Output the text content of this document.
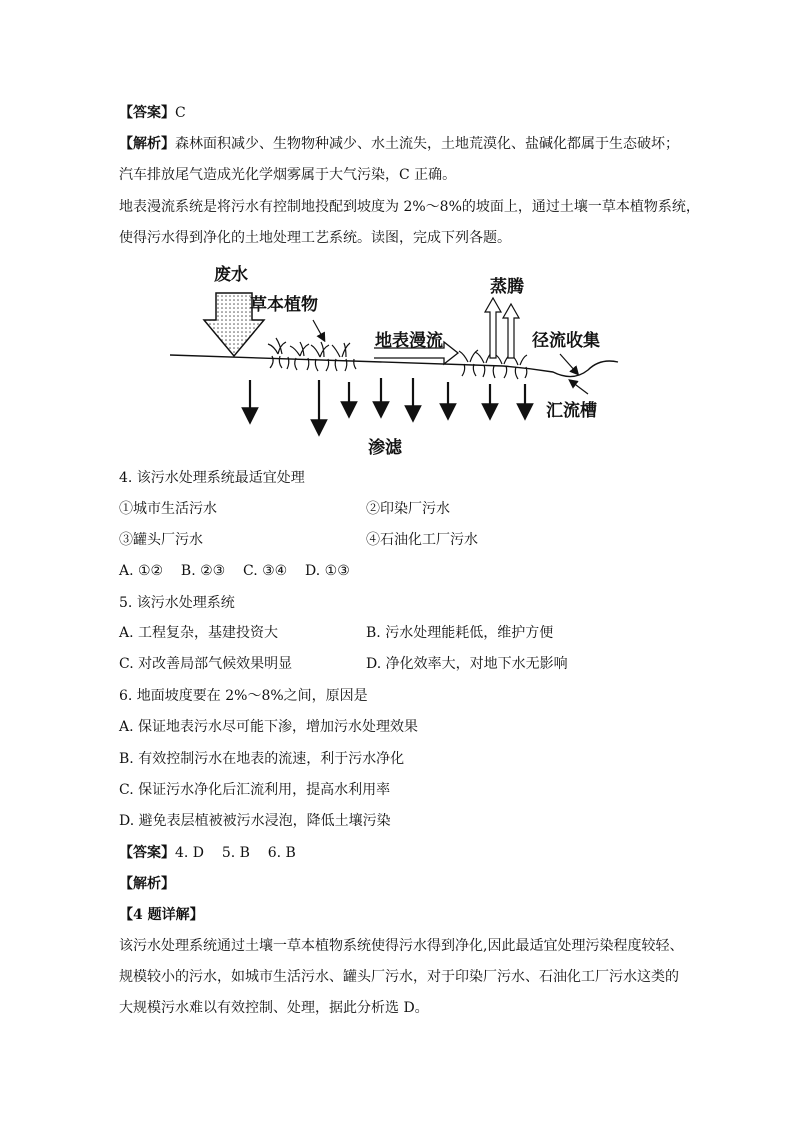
【答案】C
【解析】森林面积减少、生物物种减少、水土流失，土地荒漠化、盐碱化都属于生态破坏；
汽车排放尾气造成光化学烟雾属于大气污染，C 正确。
地表漫流系统是将污水有控制地投配到坡度为 2%～8%的坡面上，通过土壤一草本植物系统，
使得污水得到净化的土地处理工艺系统。读图，完成下列各题。
废水
草本植物
地表漫流
蒸腾
径流收集
汇流槽
渗滤
4. 该污水处理系统最适宜处理
①城市生活污水	②印染厂污水
③罐头厂污水	④石油化工厂污水
A. ①②    B. ②③    C. ③④    D. ①③
5. 该污水处理系统
A. 工程复杂，基建投资大	B. 污水处理能耗低，维护方便
C. 对改善局部气候效果明显	D. 净化效率大，对地下水无影响
6. 地面坡度要在 2%～8%之间，原因是
A. 保证地表污水尽可能下渗，增加污水处理效果
B. 有效控制污水在地表的流速，利于污水净化
C. 保证污水净化后汇流利用，提高水利用率
D. 避免表层植被被污水浸泡，降低土壤污染
【答案】4. D    5. B    6. B
【解析】
【4 题详解】
该污水处理系统通过土壤一草本植物系统使得污水得到净化,因此最适宜处理污染程度较轻、
规模较小的污水，如城市生活污水、罐头厂污水，对于印染厂污水、石油化工厂污水这类的
大规模污水难以有效控制、处理，据此分析选 D。
